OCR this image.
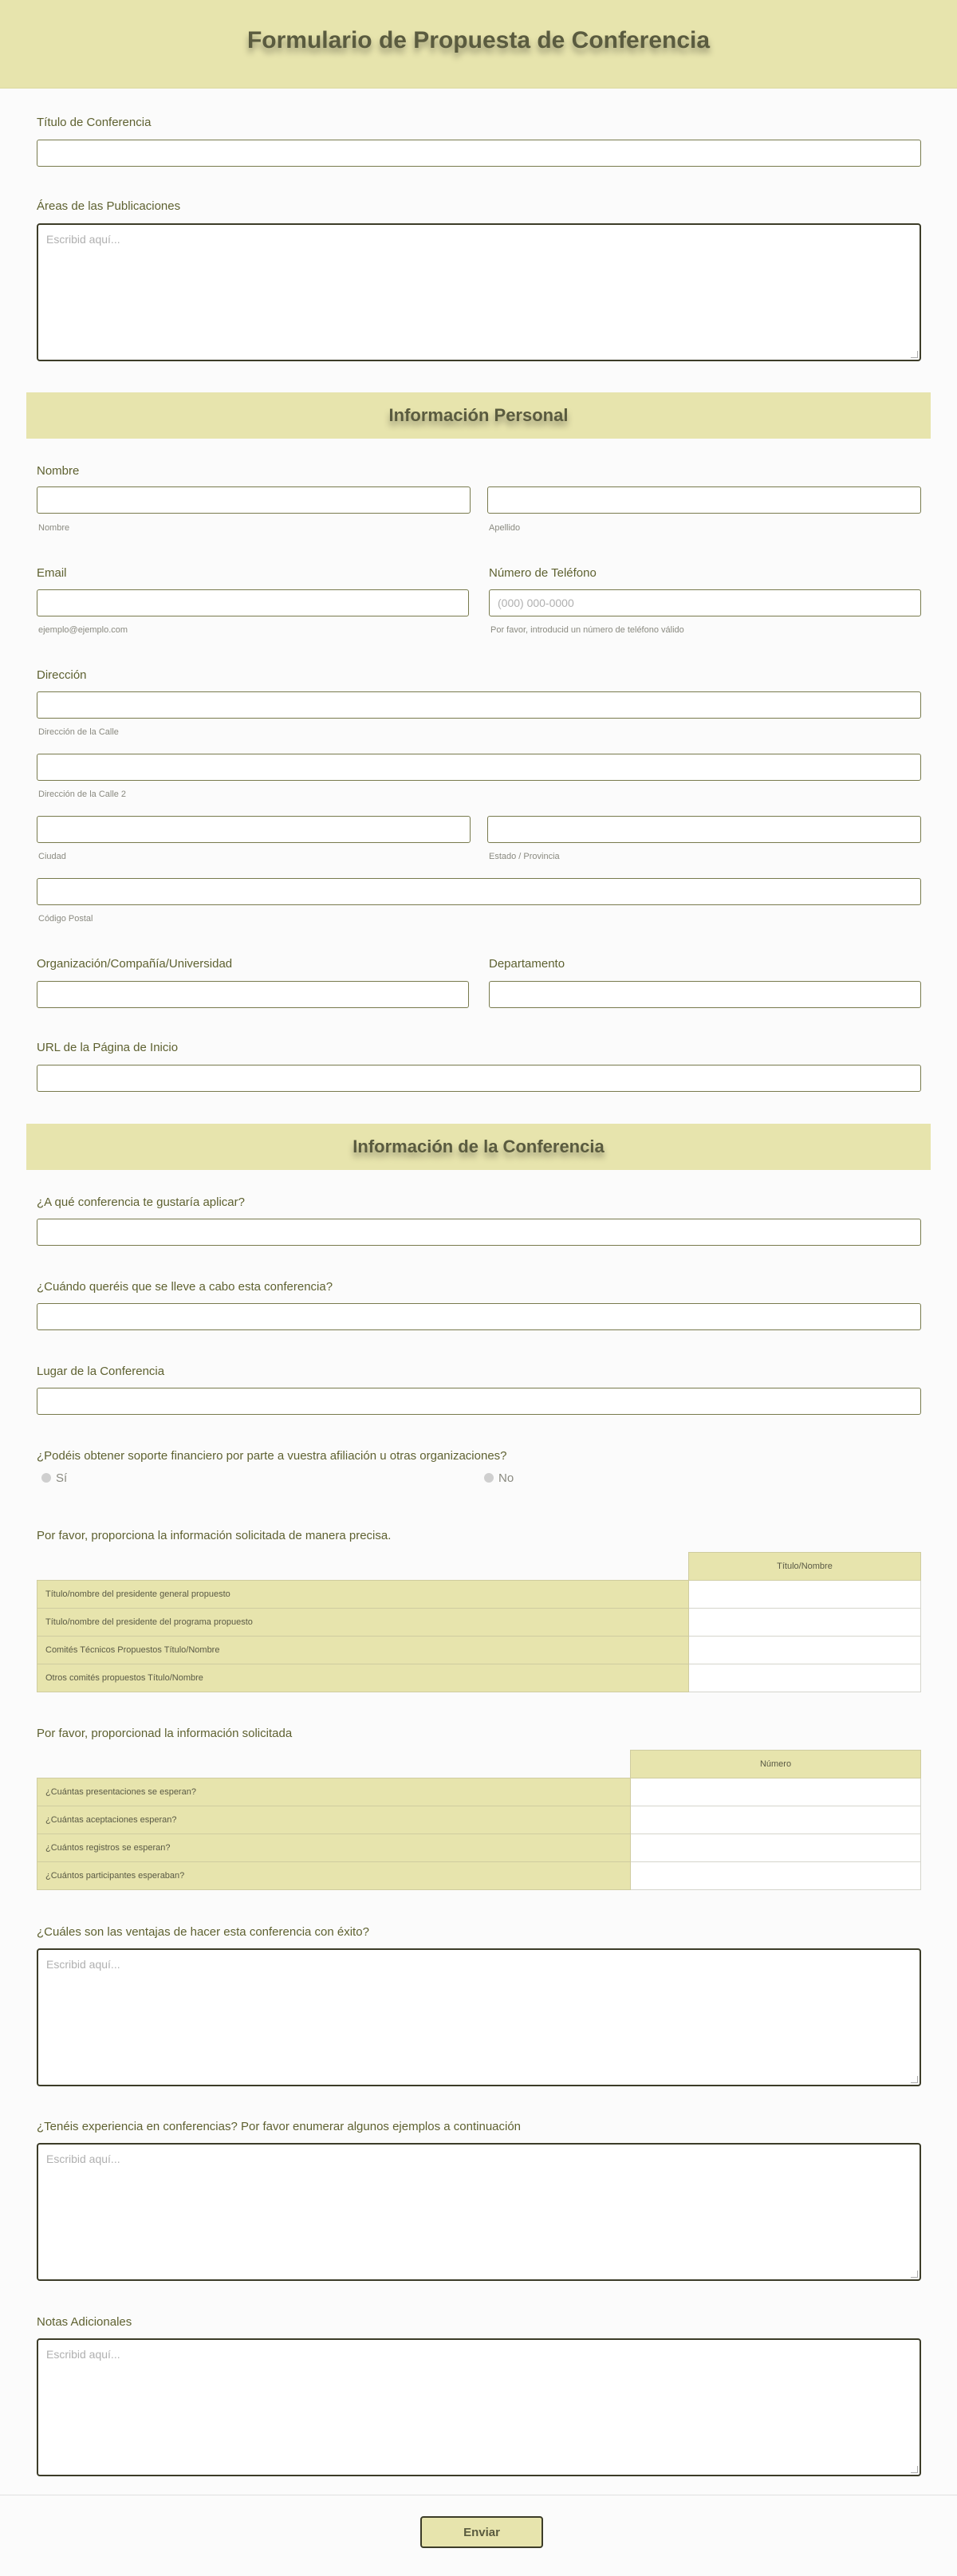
Formulario de Propuesta de Conferencia
Título de Conferencia
Áreas de las Publicaciones
Escribid aquí...
Información Personal
Nombre
Nombre	Apellido
Email	Número de Teléfono
(000) 000-0000
ejemplo@ejemplo.com	Por favor, introducid un número de teléfono válido
Dirección
Dirección de la Calle
Dirección de la Calle 2
Ciudad	Estado / Provincia
Código Postal
Organización/Compañía/Universidad	Departamento
URL de la Página de Inicio
Información de la Conferencia
¿A qué conferencia te gustaría aplicar?
¿Cuándo queréis que se lleve a cabo esta conferencia?
Lugar de la Conferencia
¿Podéis obtener soporte financiero por parte a vuestra afiliación u otras organizaciones?
Sí	No
Por favor, proporciona la información solicitada de manera precisa.
	Título/Nombre
Título/nombre del presidente general propuesto	
Título/nombre del presidente del programa propuesto	
Comités Técnicos Propuestos Título/Nombre	
Otros comités propuestos Título/Nombre	
Por favor, proporcionad la información solicitada
	Número
¿Cuántas presentaciones se esperan?	
¿Cuántas aceptaciones esperan?	
¿Cuántos registros se esperan?	
¿Cuántos participantes esperaban?	
¿Cuáles son las ventajas de hacer esta conferencia con éxito?
Escribid aquí...
¿Tenéis experiencia en conferencias? Por favor enumerar algunos ejemplos a continuación
Escribid aquí...
Notas Adicionales
Escribid aquí...
Enviar
